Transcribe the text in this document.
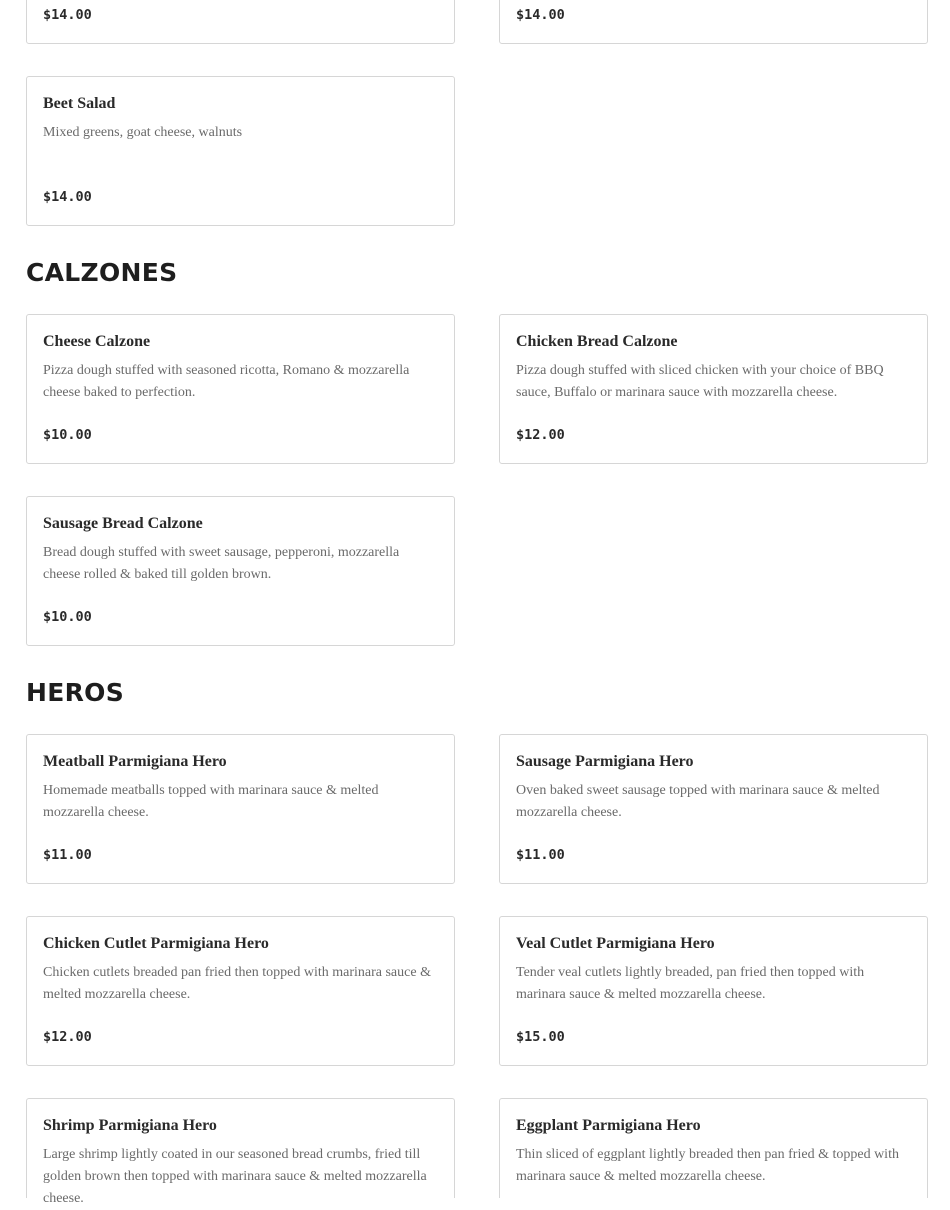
$14.00	$14.00
Beet Salad
Mixed greens, goat cheese, walnuts
$14.00
CALZONES
Cheese Calzone
Pizza dough stuffed with seasoned ricotta, Romano & mozzarella cheese baked to perfection.
$10.00
Chicken Bread Calzone
Pizza dough stuffed with sliced chicken with your choice of BBQ sauce, Buffalo or marinara sauce with mozzarella cheese.
$12.00
Sausage Bread Calzone
Bread dough stuffed with sweet sausage, pepperoni, mozzarella cheese rolled & baked till golden brown.
$10.00
HEROS
Meatball Parmigiana Hero
Homemade meatballs topped with marinara sauce & melted mozzarella cheese.
$11.00
Sausage Parmigiana Hero
Oven baked sweet sausage topped with marinara sauce & melted mozzarella cheese.
$11.00
Chicken Cutlet Parmigiana Hero
Chicken cutlets breaded pan fried then topped with marinara sauce & melted mozzarella cheese.
$12.00
Veal Cutlet Parmigiana Hero
Tender veal cutlets lightly breaded, pan fried then topped with marinara sauce & melted mozzarella cheese.
$15.00
Shrimp Parmigiana Hero
Large shrimp lightly coated in our seasoned bread crumbs, fried till golden brown then topped with marinara sauce & melted mozzarella cheese.
Eggplant Parmigiana Hero
Thin sliced of eggplant lightly breaded then pan fried & topped with marinara sauce & melted mozzarella cheese.
